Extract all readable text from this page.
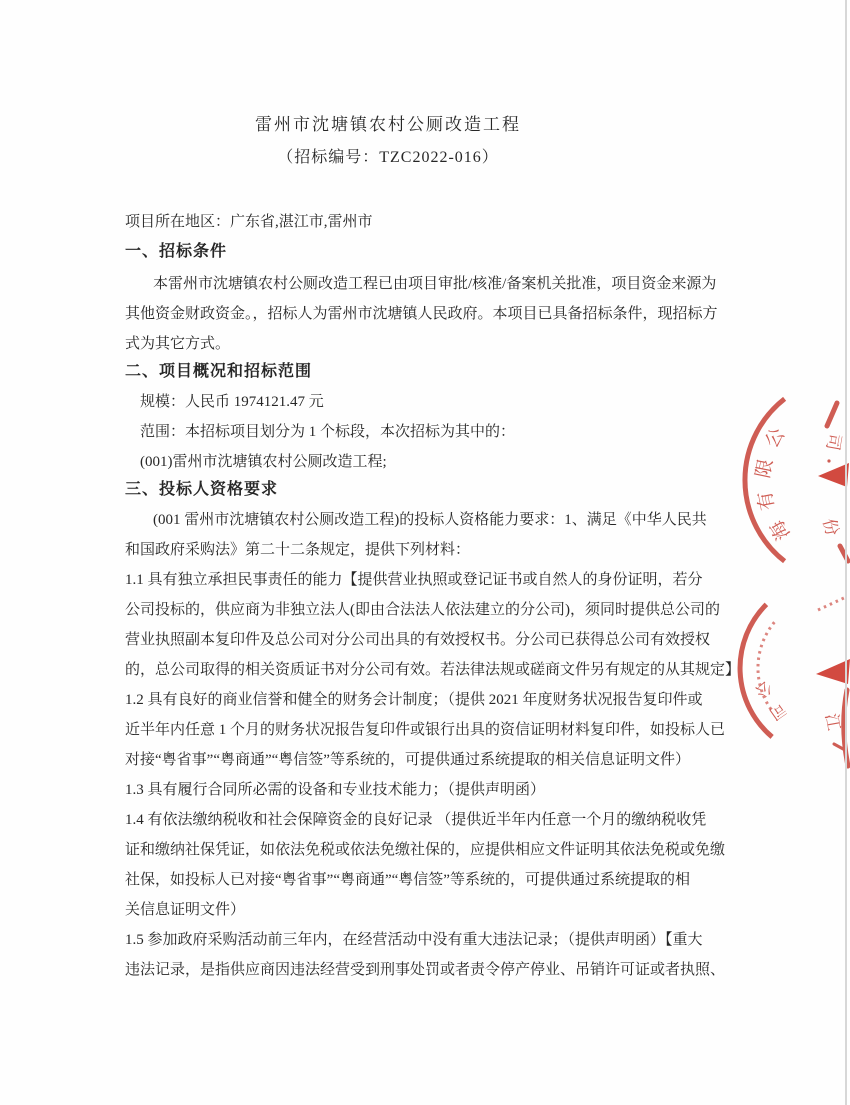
雷州市沈塘镇农村公厕改造工程
（招标编号：TZC2022-016）
项目所在地区：广东省,湛江市,雷州市
一、招标条件
本雷州市沈塘镇农村公厕改造工程已由项目审批/核准/备案机关批准，项目资金来源为
其他资金财政资金。，招标人为雷州市沈塘镇人民政府。本项目已具备招标条件，现招标方
式为其它方式。
二、项目概况和招标范围
规模：人民币 1974121.47 元
范围：本招标项目划分为 1 个标段，本次招标为其中的：
(001)雷州市沈塘镇农村公厕改造工程;
三、投标人资格要求
(001 雷州市沈塘镇农村公厕改造工程)的投标人资格能力要求：1、满足《中华人民共
和国政府采购法》第二十二条规定，提供下列材料：
1.1 具有独立承担民事责任的能力【提供营业执照或登记证书或自然人的身份证明，若分
公司投标的，供应商为非独立法人(即由合法法人依法建立的分公司)，须同时提供总公司的
营业执照副本复印件及总公司对分公司出具的有效授权书。分公司已获得总公司有效授权
的，总公司取得的相关资质证书对分公司有效。若法律法规或磋商文件另有规定的从其规定】
1.2 具有良好的商业信誉和健全的财务会计制度；（提供 2021 年度财务状况报告复印件或
近半年内任意 1 个月的财务状况报告复印件或银行出具的资信证明材料复印件，如投标人已
对接“粤省事”“粤商通”“粤信签”等系统的，可提供通过系统提取的相关信息证明文件）
1.3 具有履行合同所必需的设备和专业技术能力；（提供声明函）
1.4 有依法缴纳税收和社会保障资金的良好记录 （提供近半年内任意一个月的缴纳税收凭
证和缴纳社保凭证，如依法免税或依法免缴社保的，应提供相应文件证明其依法免税或免缴
社保，如投标人已对接“粤省事”“粤商通”“粤信签”等系统的，可提供通过系统提取的相
关信息证明文件）
1.5 参加政府采购活动前三年内，在经营活动中没有重大违法记录；（提供声明函）【重大
违法记录，是指供应商因违法经营受到刑事处罚或者责令停产停业、吊销许可证或者执照、
海有限公 司
份
公
司 江
